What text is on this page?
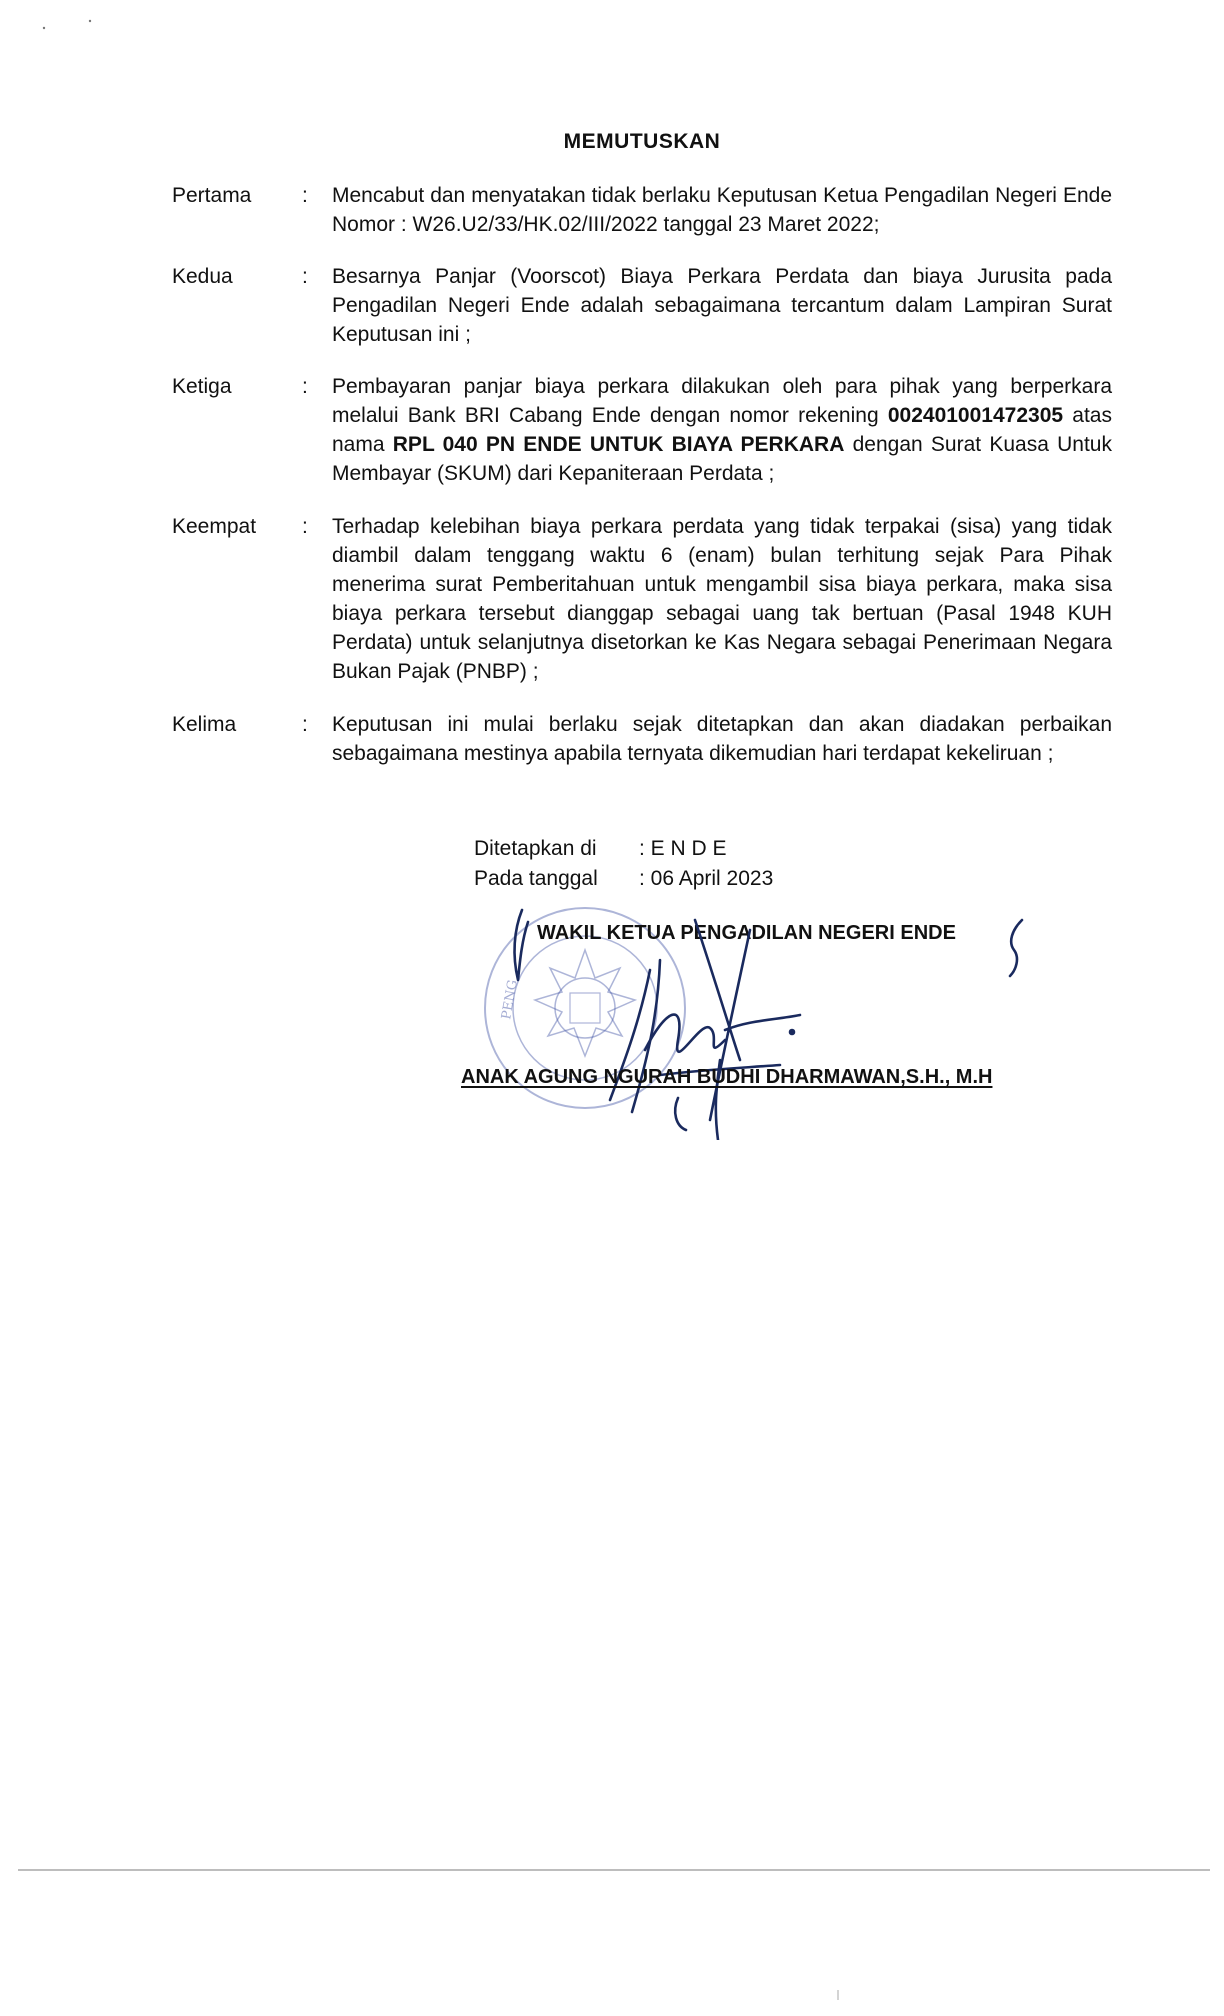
MEMUTUSKAN
Pertama	:	Mencabut dan menyatakan tidak berlaku Keputusan Ketua Pengadilan Negeri Ende Nomor : W26.U2/33/HK.02/III/2022 tanggal 23 Maret 2022;
Kedua	:	Besarnya Panjar (Voorscot) Biaya Perkara Perdata dan biaya Jurusita pada Pengadilan Negeri Ende adalah sebagaimana tercantum dalam Lampiran Surat Keputusan ini ;
Ketiga	:	Pembayaran panjar biaya perkara dilakukan oleh para pihak yang berperkara melalui Bank BRI Cabang Ende dengan nomor rekening 002401001472305 atas nama RPL 040 PN ENDE UNTUK BIAYA PERKARA dengan Surat Kuasa Untuk Membayar (SKUM) dari Kepaniteraan Perdata ;
Keempat	:	Terhadap kelebihan biaya perkara perdata yang tidak terpakai (sisa) yang tidak diambil dalam tenggang waktu 6 (enam) bulan terhitung sejak Para Pihak menerima surat Pemberitahuan untuk mengambil sisa biaya perkara, maka sisa biaya perkara tersebut dianggap sebagai uang tak bertuan (Pasal 1948 KUH Perdata) untuk selanjutnya disetorkan ke Kas Negara sebagai Penerimaan Negara Bukan Pajak (PNBP) ;
Kelima	:	Keputusan ini mulai berlaku sejak ditetapkan dan akan diadakan perbaikan sebagaimana mestinya apabila ternyata dikemudian hari terdapat kekeliruan ;
Ditetapkan di	: E N D E
Pada tanggal	: 06 April 2023
PENG
WAKIL KETUA PENGADILAN NEGERI ENDE
ANAK AGUNG NGURAH BUDHI DHARMAWAN,S.H., M.H
